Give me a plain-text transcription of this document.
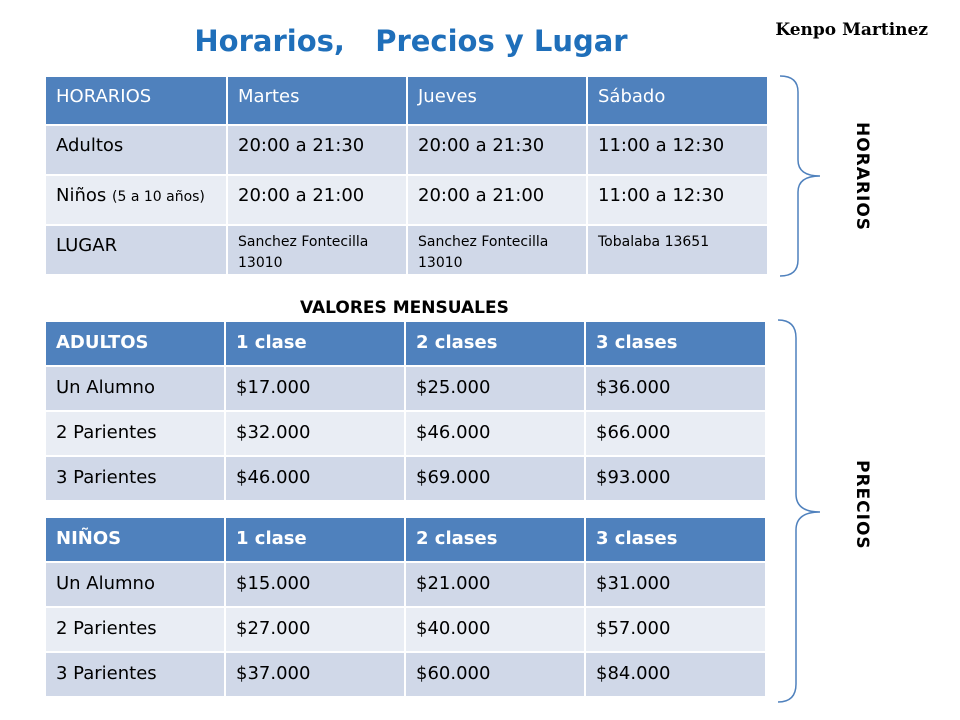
Horarios,   Precios y Lugar	Kenpo Martinez
HORARIOS	Martes	Jueves	Sábado
Adultos	20:00 a 21:30	20:00 a 21:30	11:00 a 12:30
Niños (5 a 10 años)	20:00 a 21:00	20:00 a 21:00	11:00 a 12:30
LUGAR	Sanchez Fontecilla 13010	Sanchez Fontecilla 13010	Tobalaba 13651
VALORES MENSUALES
ADULTOS	1 clase	2 clases	3 clases
Un Alumno	$17.000	$25.000	$36.000
2 Parientes	$32.000	$46.000	$66.000
3 Parientes	$46.000	$69.000	$93.000
NIÑOS	1 clase	2 clases	3 clases
Un Alumno	$15.000	$21.000	$31.000
2 Parientes	$27.000	$40.000	$57.000
3 Parientes	$37.000	$60.000	$84.000
HORARIOS
PRECIOS
